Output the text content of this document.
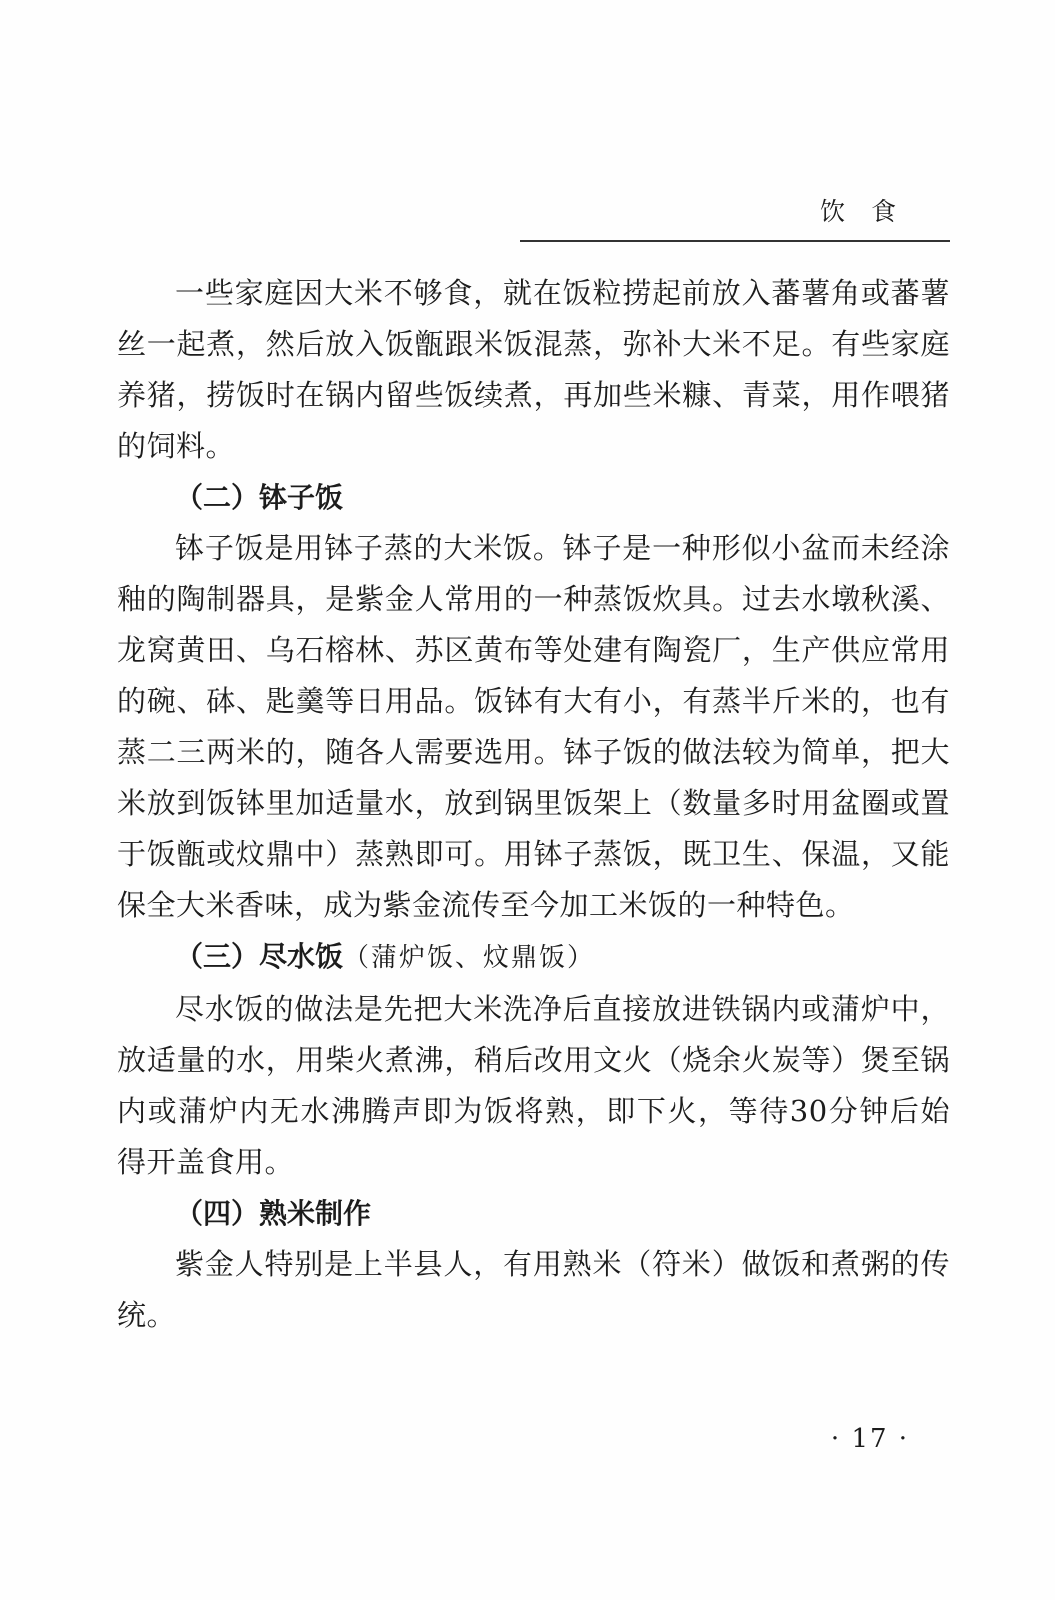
饮食

一些家庭因大米不够食，就在饭粒捞起前放入蕃薯角或蕃薯丝一起煮，然后放入饭甑跟米饭混蒸，弥补大米不足。有些家庭养猪，捞饭时在锅内留些饭续煮，再加些米糠、青菜，用作喂猪的饲料。

（二）钵子饭

钵子饭是用钵子蒸的大米饭。钵子是一种形似小盆而未经涂釉的陶制器具，是紫金人常用的一种蒸饭炊具。过去水墩秋溪、龙窝黄田、乌石榕林、苏区黄布等处建有陶瓷厂，生产供应常用的碗、砵、匙羹等日用品。饭钵有大有小，有蒸半斤米的，也有蒸二三两米的，随各人需要选用。钵子饭的做法较为简单，把大米放到饭钵里加适量水，放到锅里饭架上（数量多时用盆圈或置于饭甑或炆鼎中）蒸熟即可。用钵子蒸饭，既卫生、保温，又能保全大米香味，成为紫金流传至今加工米饭的一种特色。

（三）尽水饭（蒲炉饭、炆鼎饭）

尽水饭的做法是先把大米洗净后直接放进铁锅内或蒲炉中，放适量的水，用柴火煮沸，稍后改用文火（烧余火炭等）煲至锅内或蒲炉内无水沸腾声即为饭将熟，即下火，等待30分钟后始得开盖食用。

（四）熟米制作

紫金人特别是上半县人，有用熟米（符米）做饭和煮粥的传统。

· 17 ·
